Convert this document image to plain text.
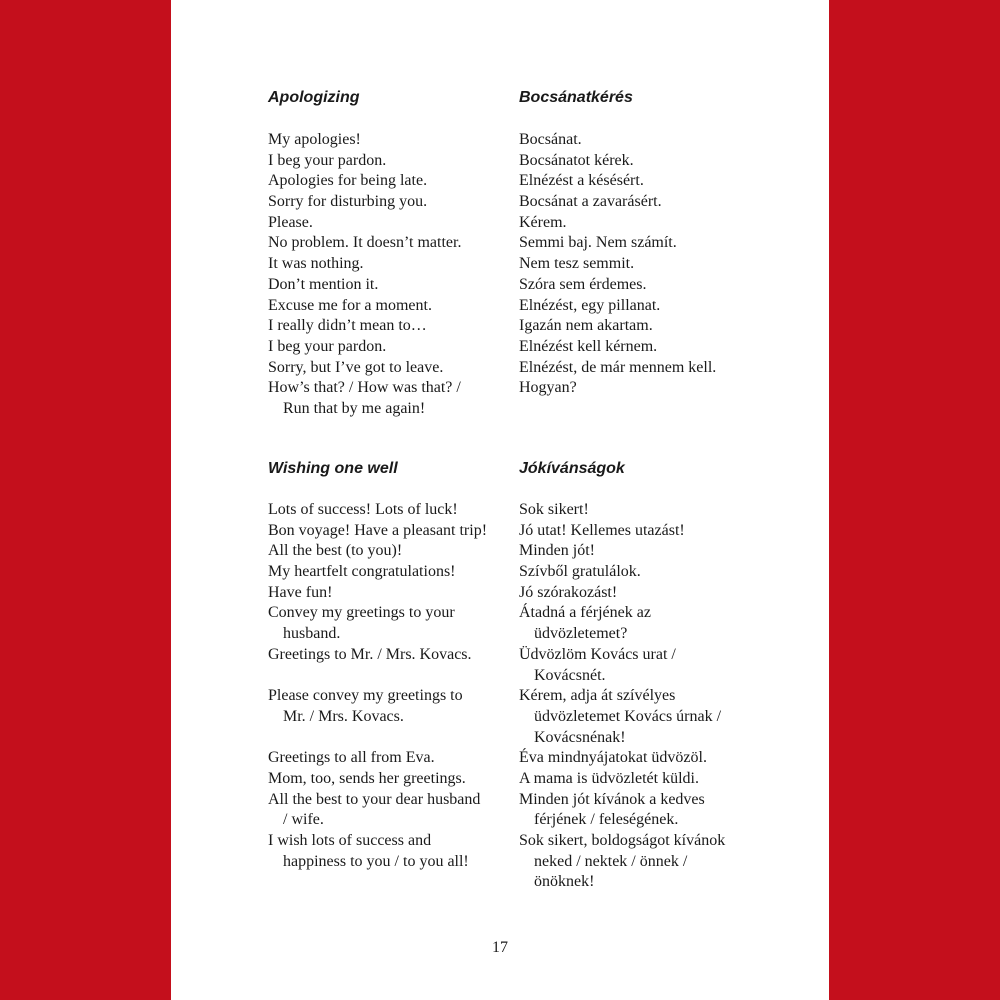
Apologizing	Bocsánatkérés
My apologies!
I beg your pardon.
Apologies for being late.
Sorry for disturbing you.
Please.
No problem. It doesn’t matter.
It was nothing.
Don’t mention it.
Excuse me for a moment.
I really didn’t mean to…
I beg your pardon.
Sorry, but I’ve got to leave.
How’s that? / How was that? /
Run that by me again!
Bocsánat.
Bocsánatot kérek.
Elnézést a késésért.
Bocsánat a zavarásért.
Kérem.
Semmi baj. Nem számít.
Nem tesz semmit.
Szóra sem érdemes.
Elnézést, egy pillanat.
Igazán nem akartam.
Elnézést kell kérnem.
Elnézést, de már mennem kell.
Hogyan?
Wishing one well	Jókívánságok
Lots of success! Lots of luck!
Bon voyage! Have a pleasant trip!
All the best (to you)!
My heartfelt congratulations!
Have fun!
Convey my greetings to your
husband.
Greetings to Mr. / Mrs. Kovacs.
Please convey my greetings to
Mr. / Mrs. Kovacs.
Greetings to all from Eva.
Mom, too, sends her greetings.
All the best to your dear husband
/ wife.
I wish lots of success and
happiness to you / to you all!
Sok sikert!
Jó utat! Kellemes utazást!
Minden jót!
Szívből gratulálok.
Jó szórakozást!
Átadná a férjének az
üdvözletemet?
Üdvözlöm Kovács urat /
Kovácsnét.
Kérem, adja át szívélyes
üdvözletemet Kovács úrnak /
Kovácsnénak!
Éva mindnyájatokat üdvözöl.
A mama is üdvözletét küldi.
Minden jót kívánok a kedves
férjének / feleségének.
Sok sikert, boldogságot kívánok
neked / nektek / önnek /
önöknek!
17
